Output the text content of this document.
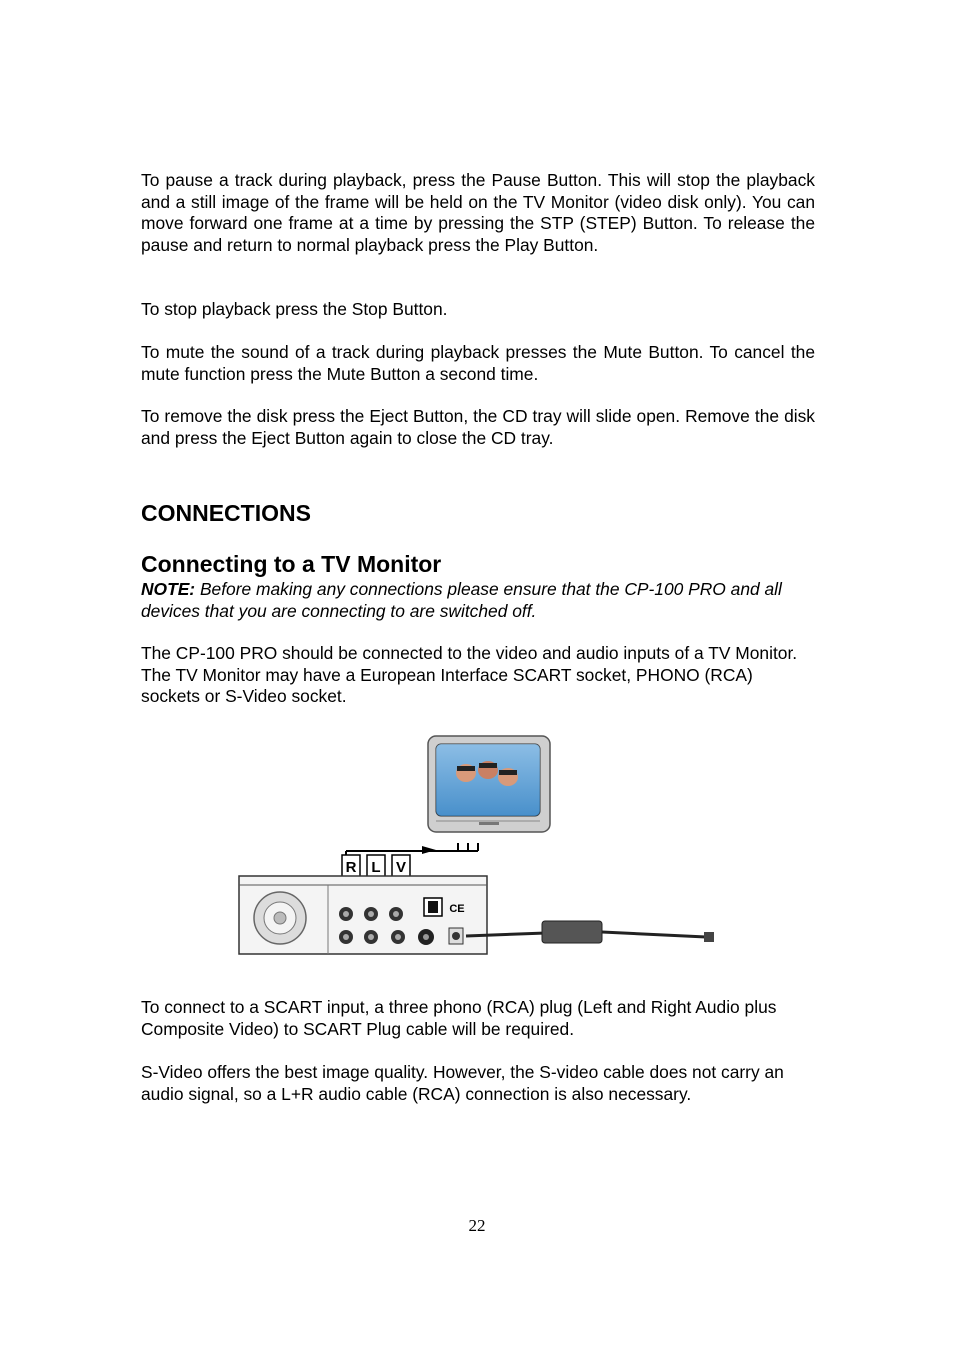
To pause a track during playback, press the Pause Button. This will stop the playback and a still image of the frame will be held on the TV Monitor (video disk only). You can move forward one frame at a time by pressing the STP (STEP) Button. To release the pause and return to normal playback press the Play Button.

To stop playback press the Stop Button.

To mute the sound of a track during playback presses the Mute Button. To cancel the mute function press the Mute Button a second time.

To remove the disk press the Eject Button, the CD tray will slide open. Remove the disk and press the Eject Button again to close the CD tray.

CONNECTIONS
Connecting to a TV Monitor

NOTE: Before making any connections please ensure that the CP-100 PRO and all devices that you are connecting to are switched off.

The CP-100 PRO should be connected to the video and audio inputs of a TV Monitor. The TV Monitor may have a European Interface SCART socket, PHONO (RCA) sockets or S-Video socket.

R L V
CE

To connect to a SCART input, a three phono (RCA) plug (Left and Right Audio plus Composite Video) to SCART Plug cable will be required.

S-Video offers the best image quality. However, the S-video cable does not carry an audio signal, so a L+R audio cable (RCA) connection is also necessary.

22
